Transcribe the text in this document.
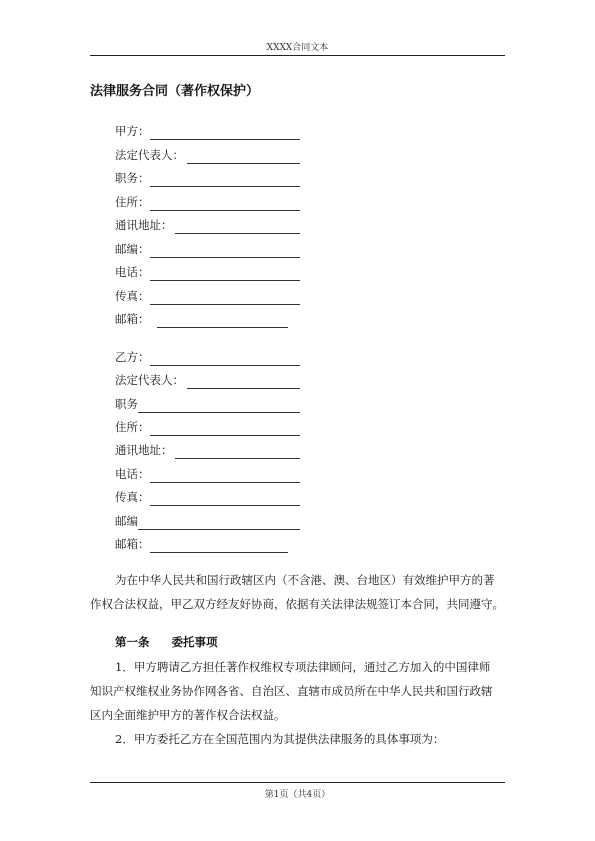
XXXX合同文本
法律服务合同（著作权保护）
甲方：
法定代表人：
职务：
住所：
通讯地址：
邮编：
电话：
传真：
邮箱：
乙方：
法定代表人：
职务
住所：
通讯地址：
电话：
传真：
邮编
邮箱：
为在中华人民共和国行政辖区内（不含港、澳、台地区）有效维护甲方的著
作权合法权益，甲乙双方经友好协商，依据有关法律法规签订本合同，共同遵守。
第一条 委托事项
1．甲方聘请乙方担任著作权维权专项法律顾问，通过乙方加入的中国律师
知识产权维权业务协作网各省、自治区、直辖市成员所在中华人民共和国行政辖
区内全面维护甲方的著作权合法权益。
2．甲方委托乙方在全国范围内为其提供法律服务的具体事项为：
第1页（共4页）
